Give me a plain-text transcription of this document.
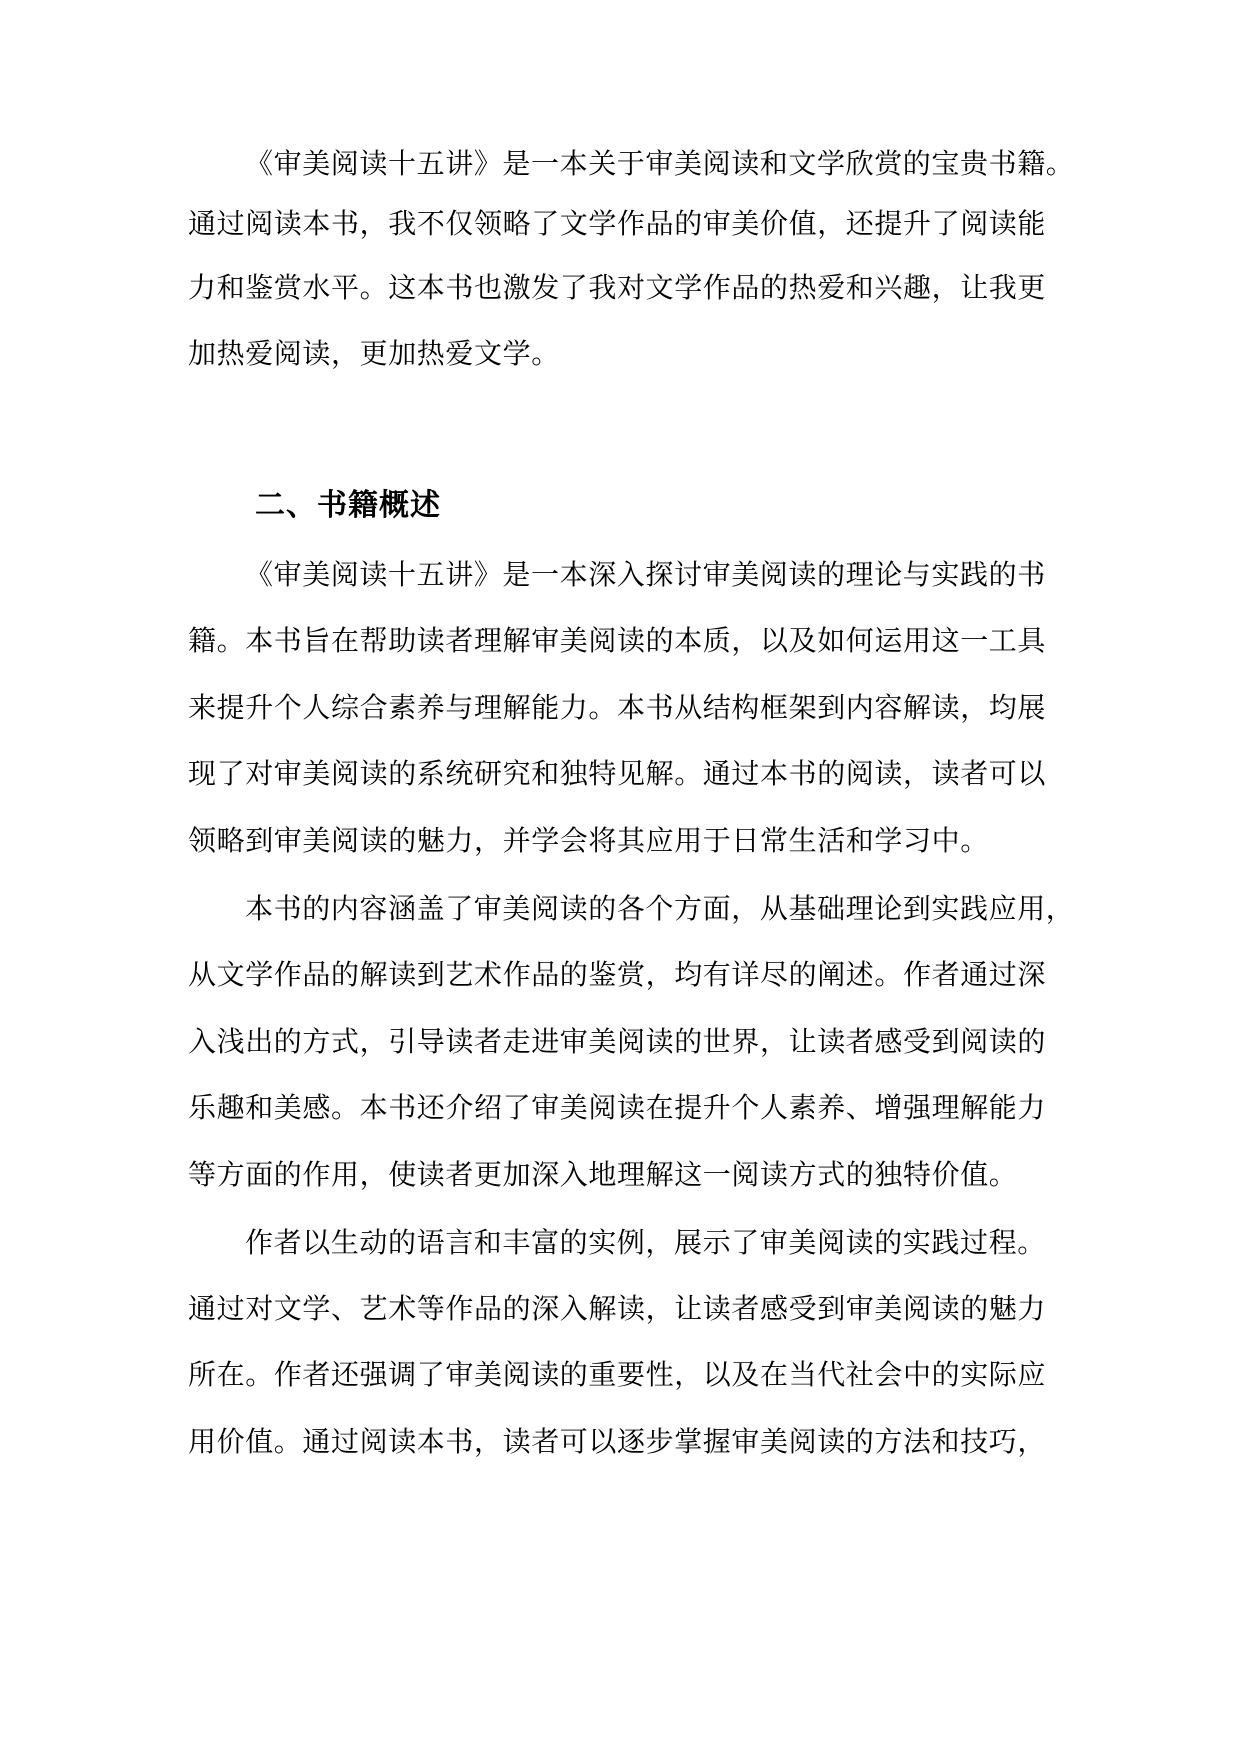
《审美阅读十五讲》是一本关于审美阅读和文学欣赏的宝贵书籍。
通过阅读本书，我不仅领略了文学作品的审美价值，还提升了阅读能
力和鉴赏水平。这本书也激发了我对文学作品的热爱和兴趣，让我更
加热爱阅读，更加热爱文学。
二、书籍概述
《审美阅读十五讲》是一本深入探讨审美阅读的理论与实践的书
籍。本书旨在帮助读者理解审美阅读的本质，以及如何运用这一工具
来提升个人综合素养与理解能力。本书从结构框架到内容解读，均展
现了对审美阅读的系统研究和独特见解。通过本书的阅读，读者可以
领略到审美阅读的魅力，并学会将其应用于日常生活和学习中。
本书的内容涵盖了审美阅读的各个方面，从基础理论到实践应用，
从文学作品的解读到艺术作品的鉴赏，均有详尽的阐述。作者通过深
入浅出的方式，引导读者走进审美阅读的世界，让读者感受到阅读的
乐趣和美感。本书还介绍了审美阅读在提升个人素养、增强理解能力
等方面的作用，使读者更加深入地理解这一阅读方式的独特价值。
作者以生动的语言和丰富的实例，展示了审美阅读的实践过程。
通过对文学、艺术等作品的深入解读，让读者感受到审美阅读的魅力
所在。作者还强调了审美阅读的重要性，以及在当代社会中的实际应
用价值。通过阅读本书，读者可以逐步掌握审美阅读的方法和技巧，
